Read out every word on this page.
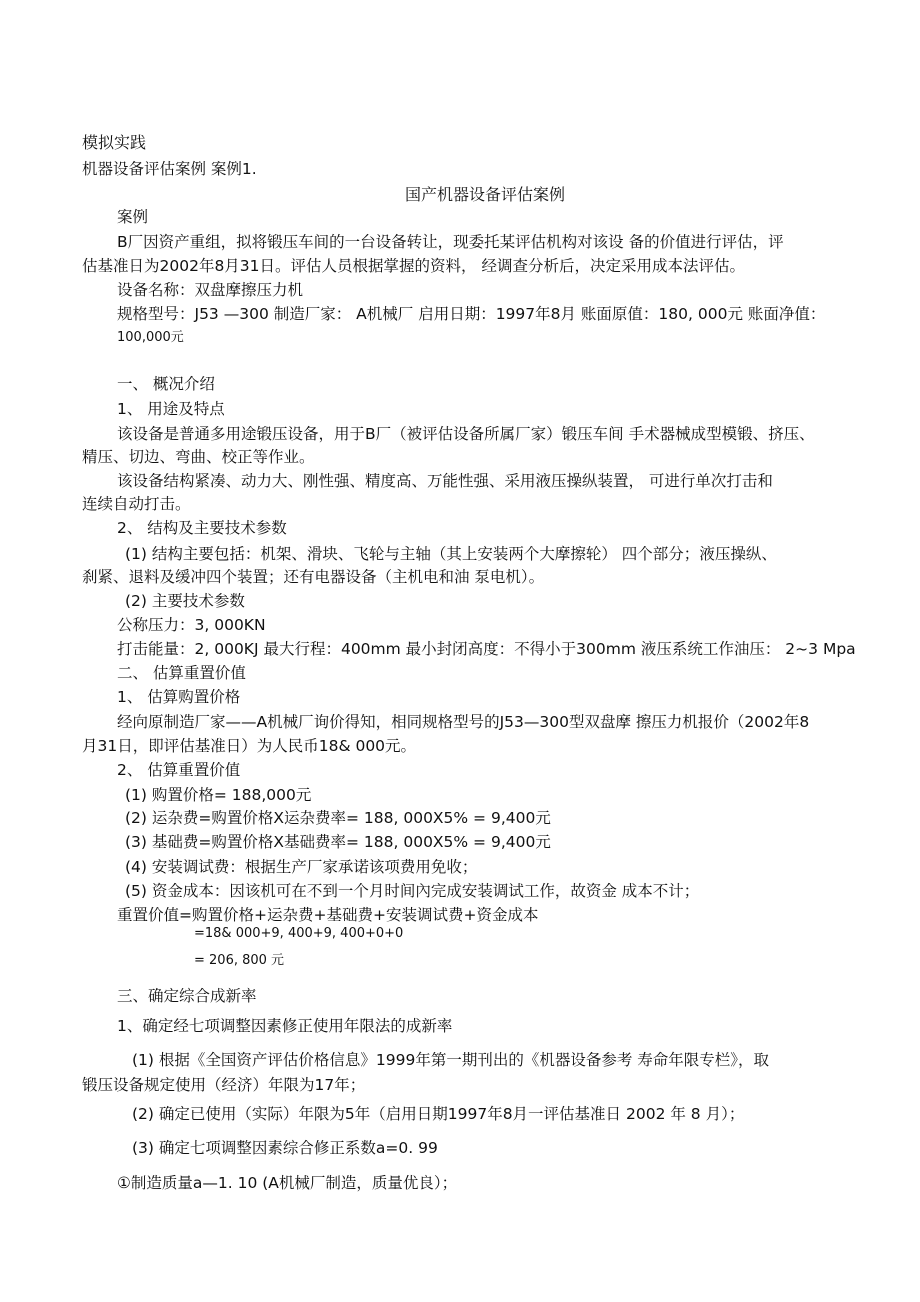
模拟实践
机器设备评估案例 案例1.
国产机器设备评估案例
案例
B厂因资产重组，拟将锻压车间的一台设备转让，现委托某评估机构对该设 备的价值进行评估，评
估基准日为2002年8月31日。评估人员根据掌握的资料， 经调查分析后，决定采用成本法评估。
设备名称：双盘摩擦压力机
规格型号：J53 —300 制造厂家： A机械厂 启用日期：1997年8月 账面原值：180, 000元 账面净值：
100,000元
一、 概况介绍
1、 用途及特点
该设备是普通多用途锻压设备，用于B厂（被评估设备所属厂家）锻压车间 手术器械成型模锻、挤压、
精压、切边、弯曲、校正等作业。
该设备结构紧凑、动力大、刚性强、精度高、万能性强、采用液压操纵装置， 可进行单次打击和
连续自动打击。
2、 结构及主要技术参数
(1) 结构主要包括：机架、滑块、飞轮与主轴（其上安装两个大摩擦轮） 四个部分；液压操纵、
刹紧、退料及缓冲四个装置；还有电器设备（主机电和油 泵电机）。
(2) 主要技术参数
公称压力：3, 000KN
打击能量：2, 000KJ 最大行程：400mm 最小封闭高度：不得小于300mm 液压系统工作油压： 2~3 Mpa
二、 估算重置价值
1、 估算购置价格
经向原制造厂家——A机械厂询价得知，相同规格型号的J53—300型双盘摩 擦压力机报价（2002年8
月31日，即评估基准日）为人民币18& 000元。
2、 估算重置价值
(1) 购置价格= 188,000元
(2) 运杂费=购置价格X运杂费率= 188, 000X5% = 9,400元
(3) 基础费=购置价格X基础费率= 188, 000X5% = 9,400元
(4) 安装调试费：根据生产厂家承诺该项费用免收；
(5) 资金成本：因该机可在不到一个月时间內完成安装调试工作，故资金 成本不计；
重置价值=购置价格+运杂费+基础费+安装调试费+资金成本
=18& 000+9, 400+9, 400+0+0
= 206, 800 元
三、确定综合成新率
1、确定经七项调整因素修正使用年限法的成新率
(1) 根据《全国资产评估价格信息》1999年第一期刊出的《机器设备参考 寿命年限专栏》，取
锻压设备规定使用（经济）年限为17年；
(2) 确定已使用（实际）年限为5年（启用日期1997年8月一评估基准日 2002 年 8 月）；
(3) 确定七项调整因素综合修正系数a=0. 99
①制造质量a—1. 10 (A机械厂制造，质量优良）；
